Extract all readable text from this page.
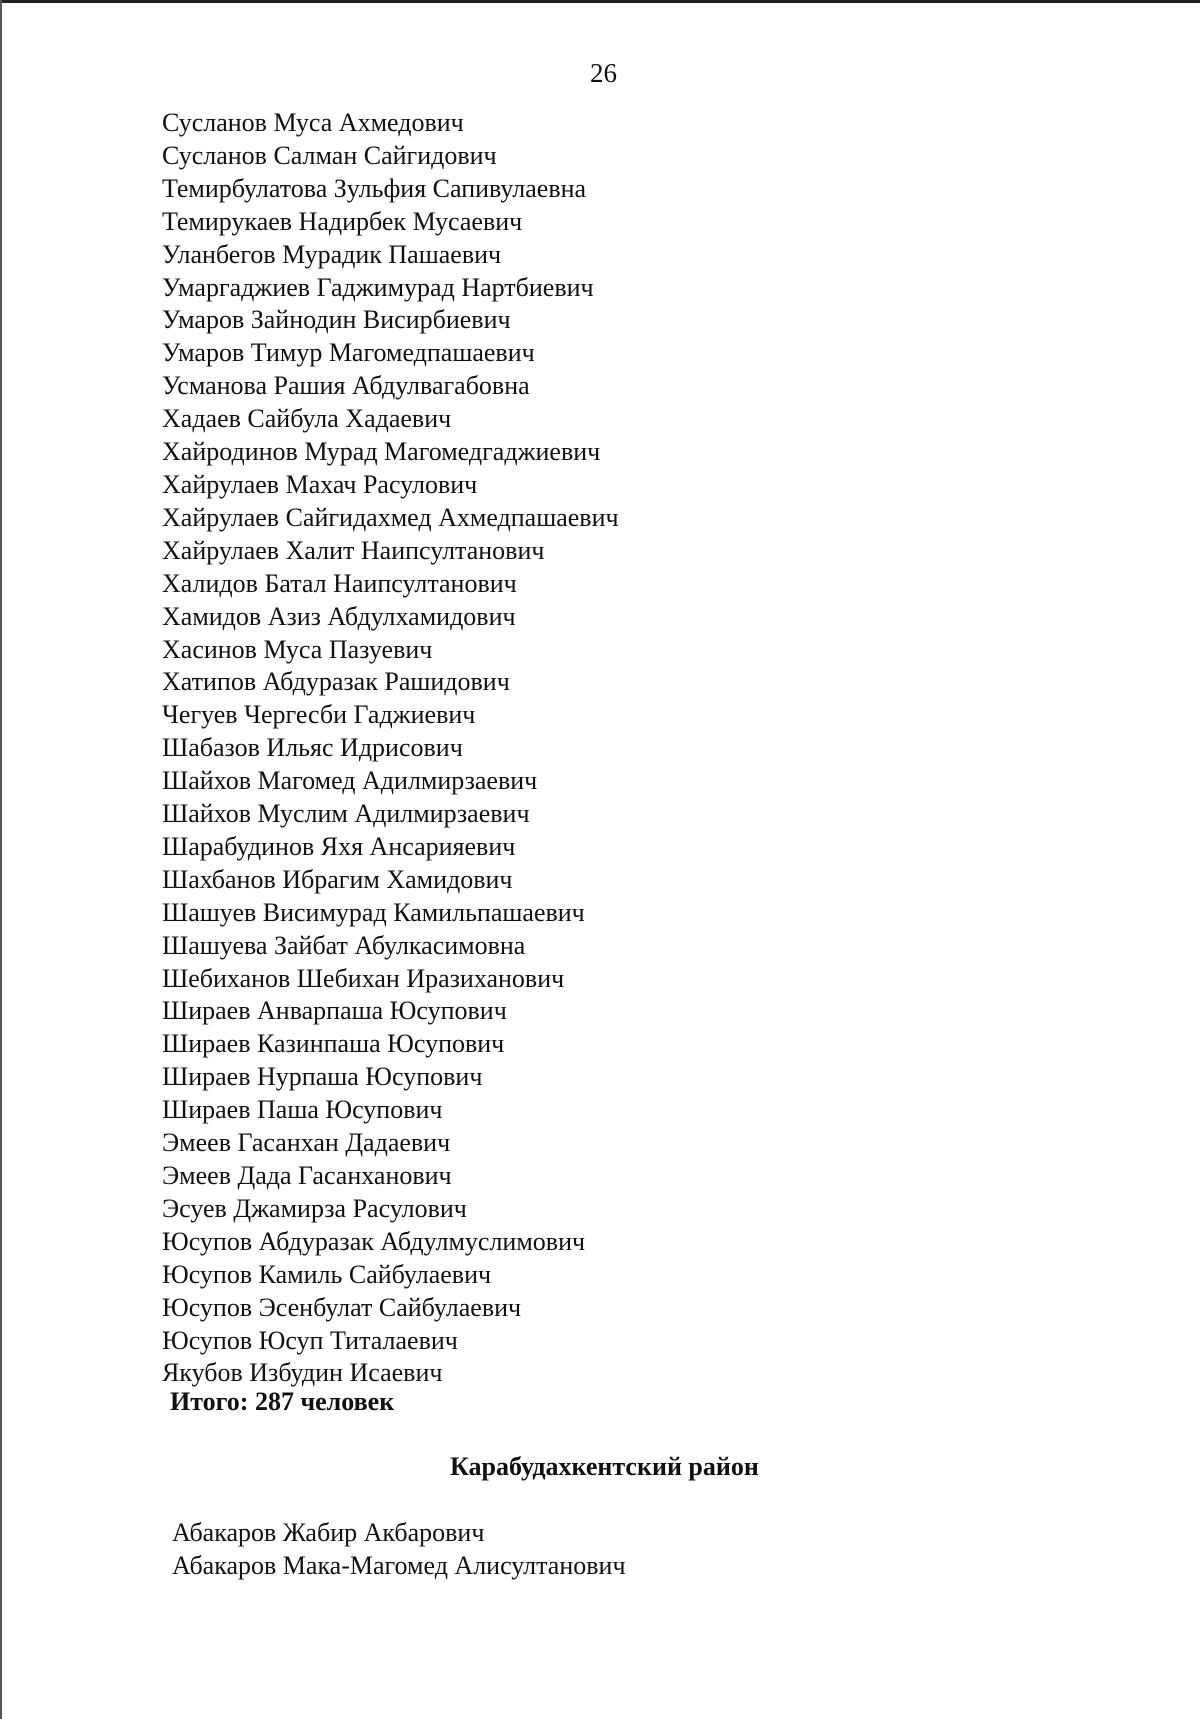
26
Сусланов Муса Ахмедович
Сусланов Салман Сайгидович
Темирбулатова Зульфия Сапивулаевна
Темирукаев Надирбек Мусаевич
Уланбегов Мурадик Пашаевич
Умаргаджиев Гаджимурад Нартбиевич
Умаров Зайнодин Висирбиевич
Умаров Тимур Магомедпашаевич
Усманова Рашия Абдулвагабовна
Хадаев Сайбула Хадаевич
Хайродинов Мурад Магомедгаджиевич
Хайрулаев Махач Расулович
Хайрулаев Сайгидахмед Ахмедпашаевич
Хайрулаев Халит Наипсултанович
Халидов Батал Наипсултанович
Хамидов Азиз Абдулхамидович
Хасинов Муса Пазуевич
Хатипов Абдуразак Рашидович
Чегуев Чергесби Гаджиевич
Шабазов Ильяс Идрисович
Шайхов Магомед Адилмирзаевич
Шайхов Муслим Адилмирзаевич
Шарабудинов Яхя Ансарияевич
Шахбанов Ибрагим Хамидович
Шашуев Висимурад Камильпашаевич
Шашуева Зайбат Абулкасимовна
Шебиханов Шебихан Иразиханович
Шираев Анварпаша Юсупович
Шираев Казинпаша Юсупович
Шираев Нурпаша Юсупович
Шираев Паша Юсупович
Эмеев Гасанхан Дадаевич
Эмеев Дада Гасанханович
Эсуев Джамирза Расулович
Юсупов Абдуразак Абдулмуслимович
Юсупов Камиль Сайбулаевич
Юсупов Эсенбулат Сайбулаевич
Юсупов Юсуп Титалаевич
Якубов Избудин Исаевич
Итого: 287 человек
Карабудахкентский район
Абакаров Жабир Акбарович
Абакаров Мака-Магомед Алисултанович
